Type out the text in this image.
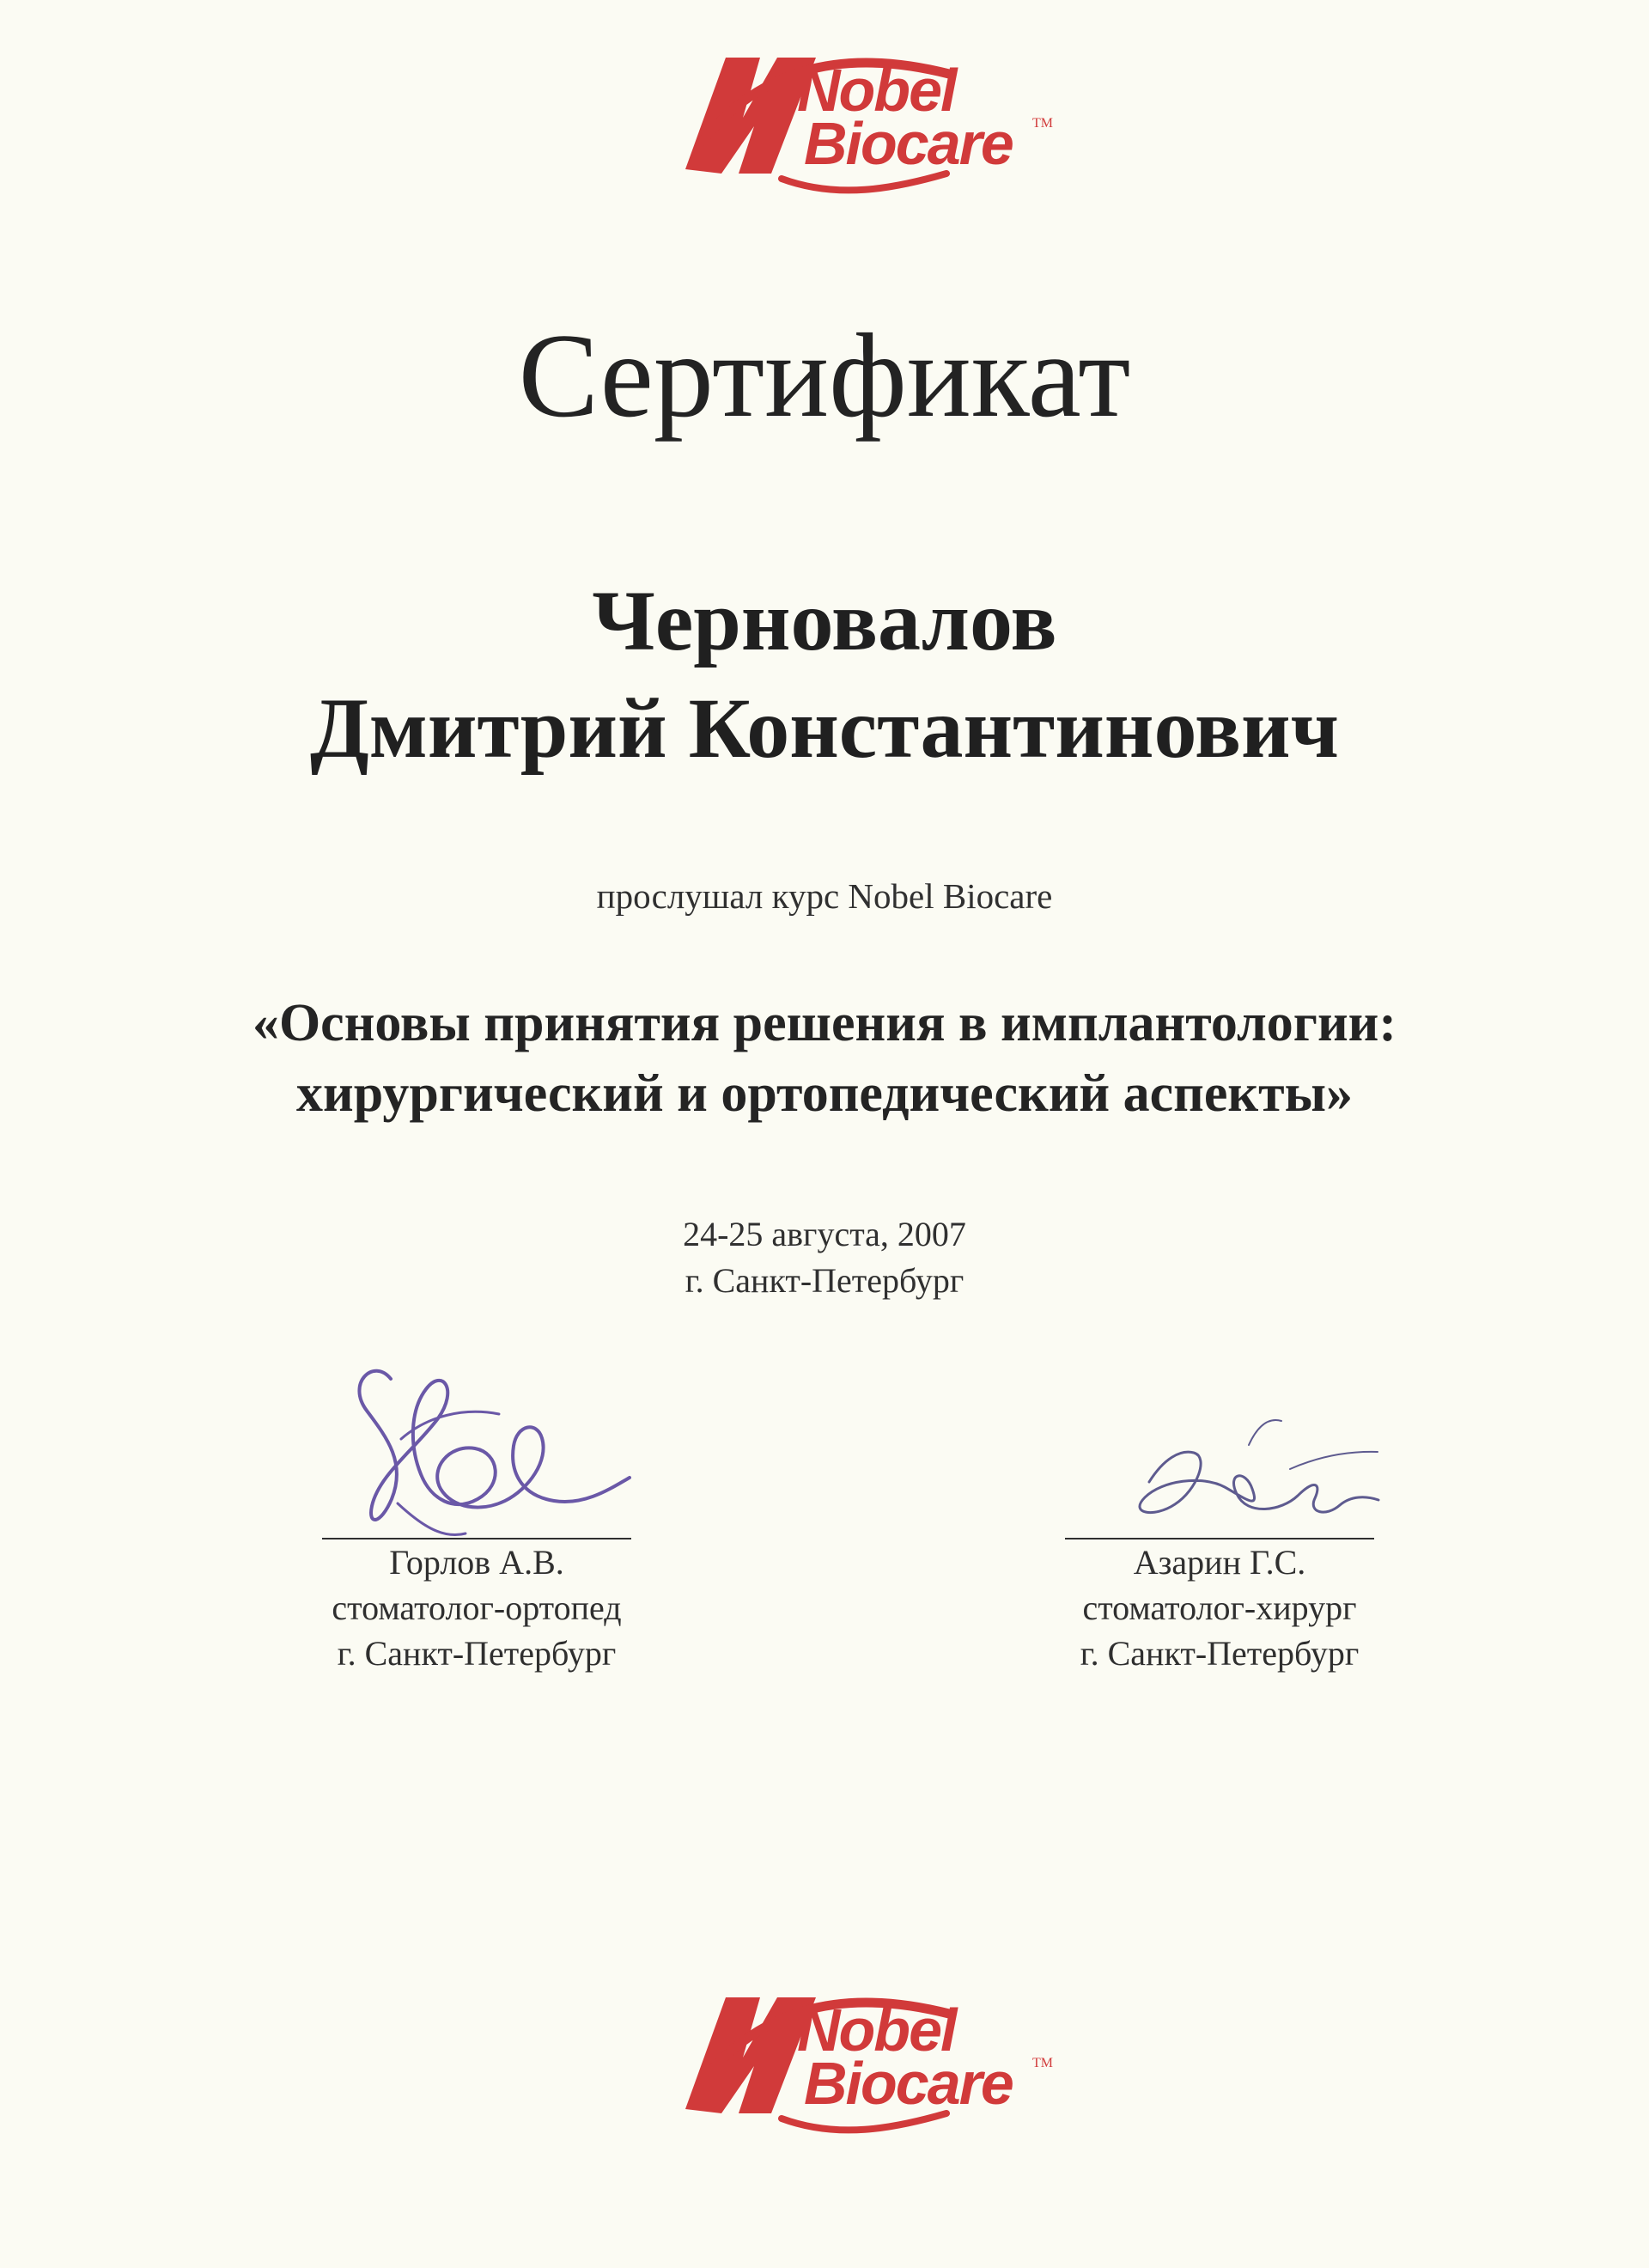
Nobel
Biocare	TM
Сертификат
Черновалов
Дмитрий Константинович
прослушал курс Nobel Biocare
«Основы принятия решения в имплантологии:
хирургический и ортопедический аспекты»
24-25 августа, 2007
г. Санкт-Петербург
Горлов А.В.
стоматолог-ортопед
г. Санкт-Петербург
Азарин Г.С.
стоматолог-хирург
г. Санкт-Петербург
Nobel
Biocare	TM
